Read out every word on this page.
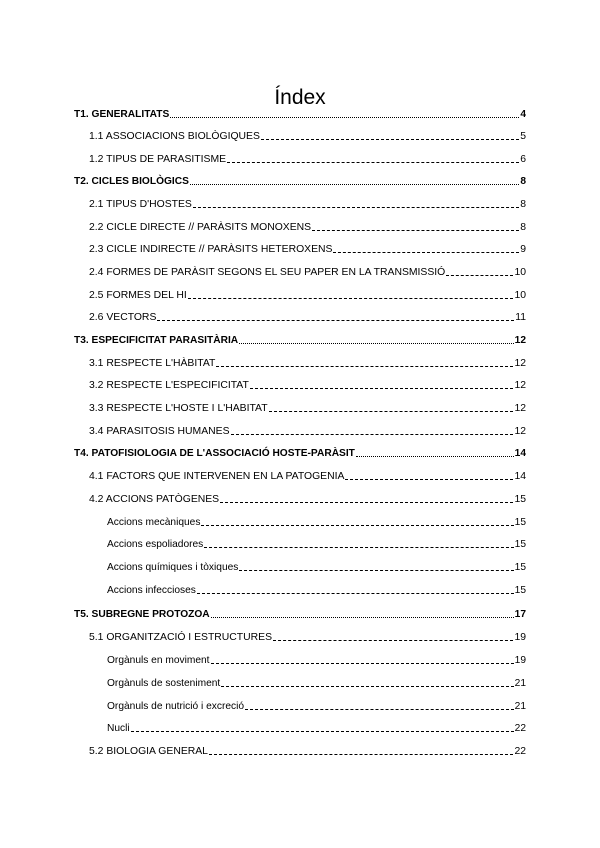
Índex
T1. GENERALITATS	4
1.1 ASSOCIACIONS BIOLÒGIQUES	5
1.2 TIPUS DE PARASITISME	6
T2. CICLES BIOLÒGICS	8
2.1 TIPUS D'HOSTES	8
2.2 CICLE DIRECTE // PARÀSITS MONOXENS	8
2.3 CICLE INDIRECTE // PARÀSITS HETEROXENS	9
2.4 FORMES DE PARÀSIT SEGONS EL SEU PAPER EN LA TRANSMISSIÓ	10
2.5 FORMES DEL HI	10
2.6 VECTORS	11
T3. ESPECIFICITAT PARASITÀRIA	12
3.1 RESPECTE L'HÀBITAT	12
3.2 RESPECTE L'ESPECIFICITAT	12
3.3 RESPECTE L'HOSTE I L'HABITAT	12
3.4 PARASITOSIS HUMANES	12
T4. PATOFISIOLOGIA DE L'ASSOCIACIÓ HOSTE-PARÀSIT	14
4.1 FACTORS QUE INTERVENEN EN LA PATOGENIA	14
4.2 ACCIONS PATÒGENES	15
Accions mecàniques	15
Accions espoliadores	15
Accions químiques i tòxiques	15
Accions infeccioses	15
T5. SUBREGNE PROTOZOA	17
5.1 ORGANITZACIÓ I ESTRUCTURES	19
Orgànuls en moviment	19
Orgànuls de sosteniment	21
Orgànuls de nutrició i excreció	21
Nucli	22
5.2 BIOLOGIA GENERAL	22
